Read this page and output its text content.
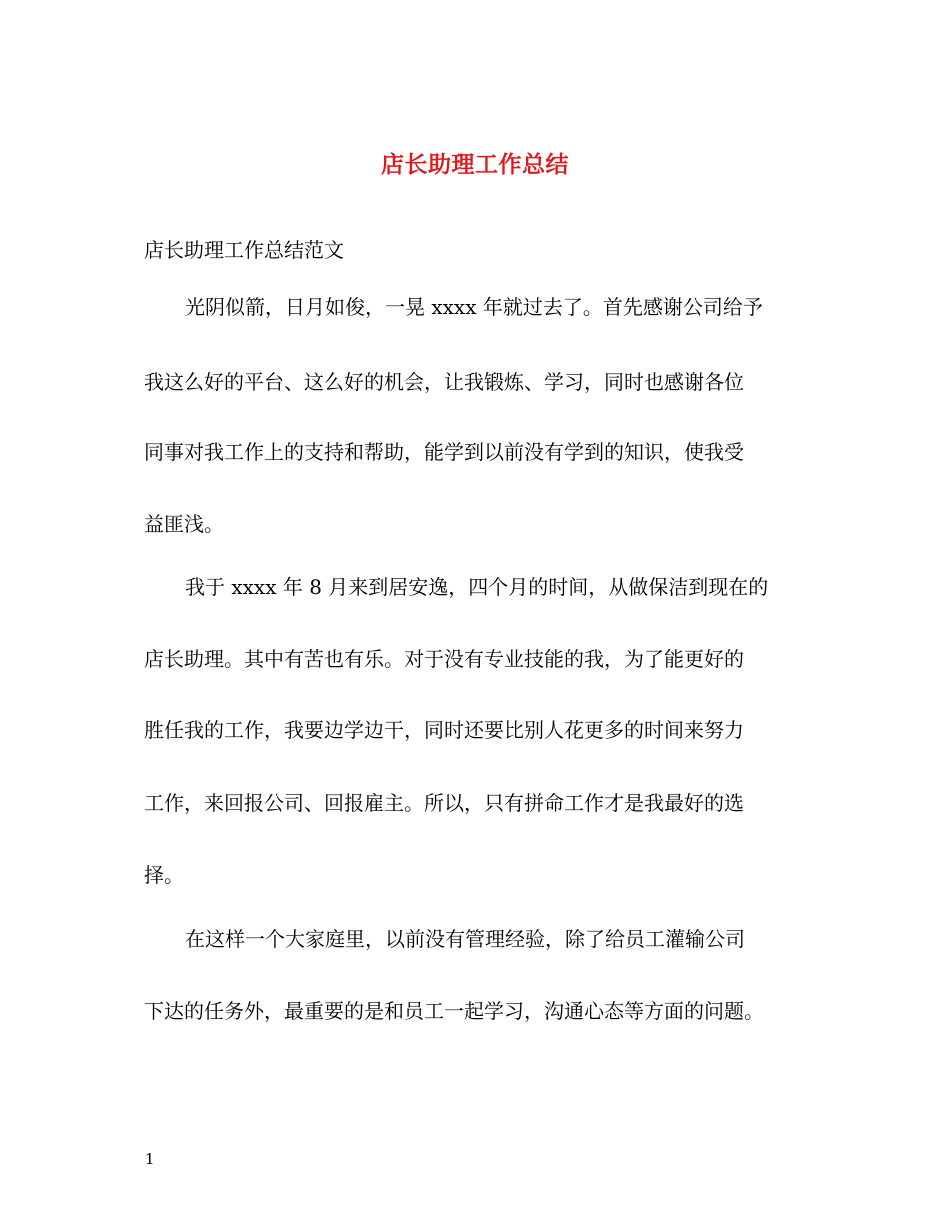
店长助理工作总结
店长助理工作总结范文
光阴似箭，日月如俊，一晃 xxxx 年就过去了。首先感谢公司给予
我这么好的平台、这么好的机会，让我锻炼、学习，同时也感谢各位
同事对我工作上的支持和帮助，能学到以前没有学到的知识，使我受
益匪浅。
我于 xxxx 年 8 月来到居安逸，四个月的时间，从做保洁到现在的
店长助理。其中有苦也有乐。对于没有专业技能的我，为了能更好的
胜任我的工作，我要边学边干，同时还要比别人花更多的时间来努力
工作，来回报公司、回报雇主。所以，只有拼命工作才是我最好的选
择。
在这样一个大家庭里，以前没有管理经验，除了给员工灌输公司
下达的任务外，最重要的是和员工一起学习，沟通心态等方面的问题。
1
